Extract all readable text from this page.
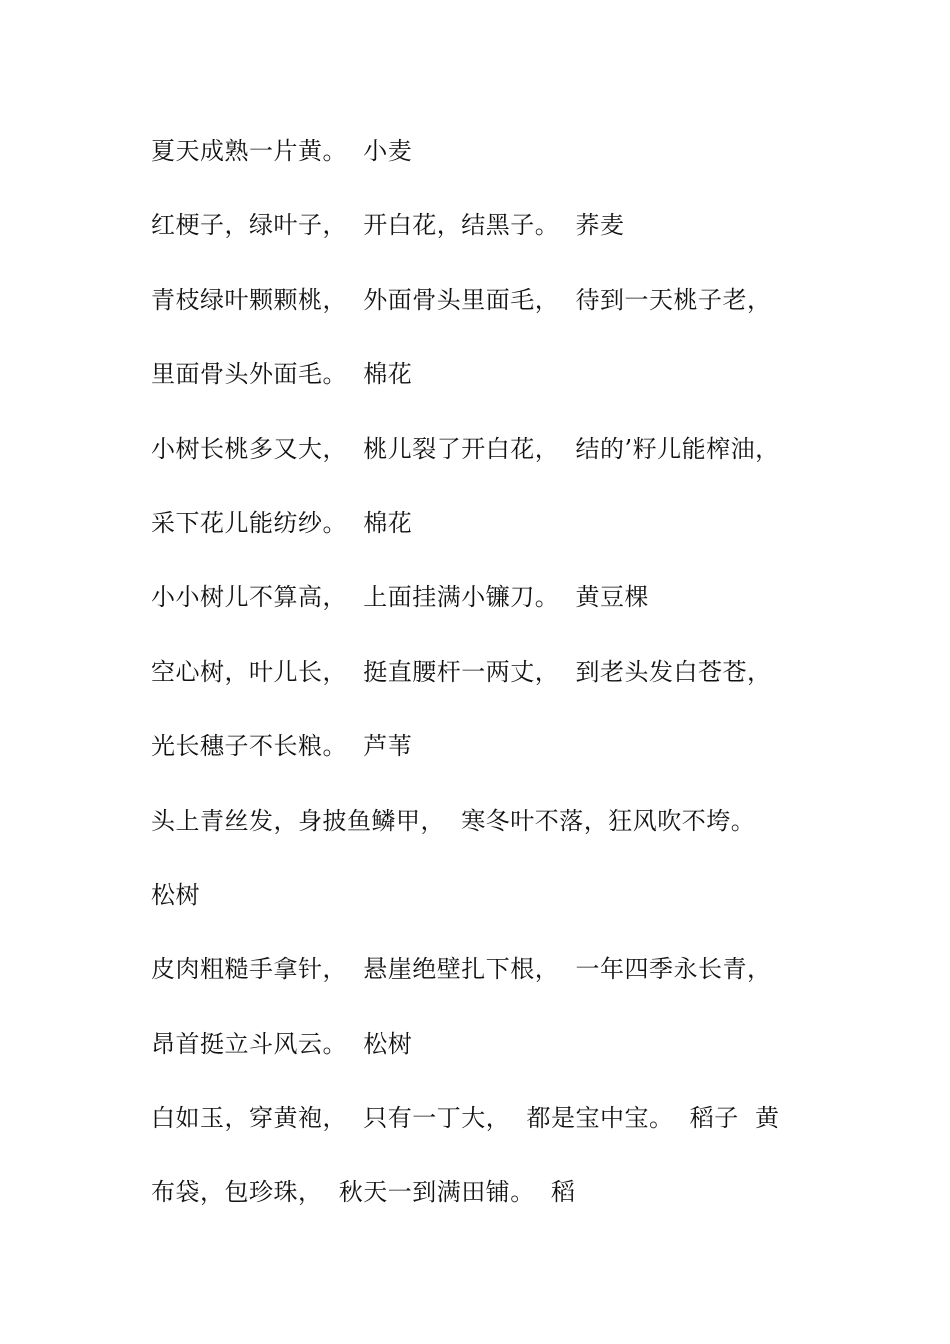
夏天成熟一片黄。  小麦
红梗子，绿叶子，  开白花，结黑子。  荞麦
青枝绿叶颗颗桃，  外面骨头里面毛，  待到一天桃子老，
里面骨头外面毛。  棉花
小树长桃多又大，  桃儿裂了开白花，  结的’籽儿能榨油，
采下花儿能纺纱。  棉花
小小树儿不算高，  上面挂满小镰刀。  黄豆棵
空心树，叶儿长，  挺直腰杆一两丈，  到老头发白苍苍，
光长穗子不长粮。  芦苇
头上青丝发，身披鱼鳞甲，  寒冬叶不落，狂风吹不垮。
松树
皮肉粗糙手拿针，  悬崖绝壁扎下根，  一年四季永长青，
昂首挺立斗风云。  松树
白如玉，穿黄袍，  只有一丁大，  都是宝中宝。  稻子  黄
布袋，包珍珠，  秋天一到满田铺。  稻
